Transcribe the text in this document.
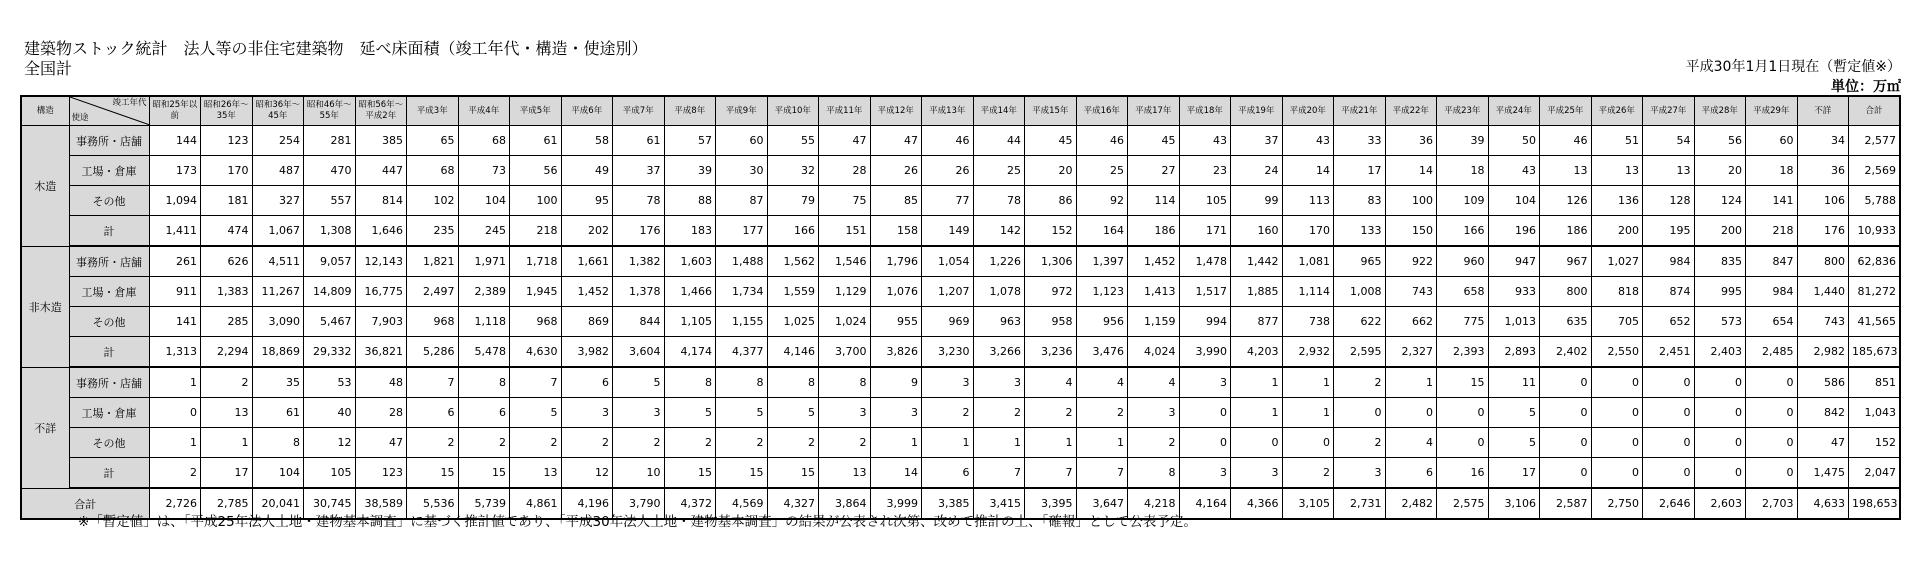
建築物ストック統計　法人等の非住宅建築物　延べ床面積（竣工年代・構造・使途別）
全国計	平成30年1月1日現在（暫定値※）
単位：万㎡
構造	竣工年代
使途	昭和25年以前	昭和26年～35年	昭和36年～45年	昭和46年～55年	昭和56年～平成2年	平成3年	平成4年	平成5年	平成6年	平成7年	平成8年	平成9年	平成10年	平成11年	平成12年	平成13年	平成14年	平成15年	平成16年	平成17年	平成18年	平成19年	平成20年	平成21年	平成22年	平成23年	平成24年	平成25年	平成26年	平成27年	平成28年	平成29年	不詳	合計
木造	事務所・店舗	144	123	254	281	385	65	68	61	58	61	57	60	55	47	47	46	44	45	46	45	43	37	43	33	36	39	50	46	51	54	56	60	34	2,577
	工場・倉庫	173	170	487	470	447	68	73	56	49	37	39	30	32	28	26	26	25	20	25	27	23	24	14	17	14	18	43	13	13	13	20	18	36	2,569
	その他	1,094	181	327	557	814	102	104	100	95	78	88	87	79	75	85	77	78	86	92	114	105	99	113	83	100	109	104	126	136	128	124	141	106	5,788
	計	1,411	474	1,067	1,308	1,646	235	245	218	202	176	183	177	166	151	158	149	142	152	164	186	171	160	170	133	150	166	196	186	200	195	200	218	176	10,933
非木造	事務所・店舗	261	626	4,511	9,057	12,143	1,821	1,971	1,718	1,661	1,382	1,603	1,488	1,562	1,546	1,796	1,054	1,226	1,306	1,397	1,452	1,478	1,442	1,081	965	922	960	947	967	1,027	984	835	847	800	62,836
	工場・倉庫	911	1,383	11,267	14,809	16,775	2,497	2,389	1,945	1,452	1,378	1,466	1,734	1,559	1,129	1,076	1,207	1,078	972	1,123	1,413	1,517	1,885	1,114	1,008	743	658	933	800	818	874	995	984	1,440	81,272
	その他	141	285	3,090	5,467	7,903	968	1,118	968	869	844	1,105	1,155	1,025	1,024	955	969	963	958	956	1,159	994	877	738	622	662	775	1,013	635	705	652	573	654	743	41,565
	計	1,313	2,294	18,869	29,332	36,821	5,286	5,478	4,630	3,982	3,604	4,174	4,377	4,146	3,700	3,826	3,230	3,266	3,236	3,476	4,024	3,990	4,203	2,932	2,595	2,327	2,393	2,893	2,402	2,550	2,451	2,403	2,485	2,982	185,673
不詳	事務所・店舗	1	2	35	53	48	7	8	7	6	5	8	8	8	8	9	3	3	4	4	4	3	1	1	2	1	15	11	0	0	0	0	0	586	851
	工場・倉庫	0	13	61	40	28	6	6	5	3	3	5	5	5	3	3	2	2	2	2	3	0	1	1	0	0	0	5	0	0	0	0	0	842	1,043
	その他	1	1	8	12	47	2	2	2	2	2	2	2	2	2	1	1	1	1	1	2	0	0	0	2	4	0	5	0	0	0	0	0	47	152
	計	2	17	104	105	123	15	15	13	12	10	15	15	15	13	14	6	7	7	7	8	3	3	2	3	6	16	17	0	0	0	0	0	1,475	2,047
合計		2,726	2,785	20,041	30,745	38,589	5,536	5,739	4,861	4,196	3,790	4,372	4,569	4,327	3,864	3,999	3,385	3,415	3,395	3,647	4,218	4,164	4,366	3,105	2,731	2,482	2,575	3,106	2,587	2,750	2,646	2,603	2,703	4,633	198,653
※「暫定値」は、「平成25年法人土地・建物基本調査」に基づく推計値であり、「平成30年法人土地・建物基本調査」の結果が公表され次第、改めて推計の上、「確報」として公表予定。
